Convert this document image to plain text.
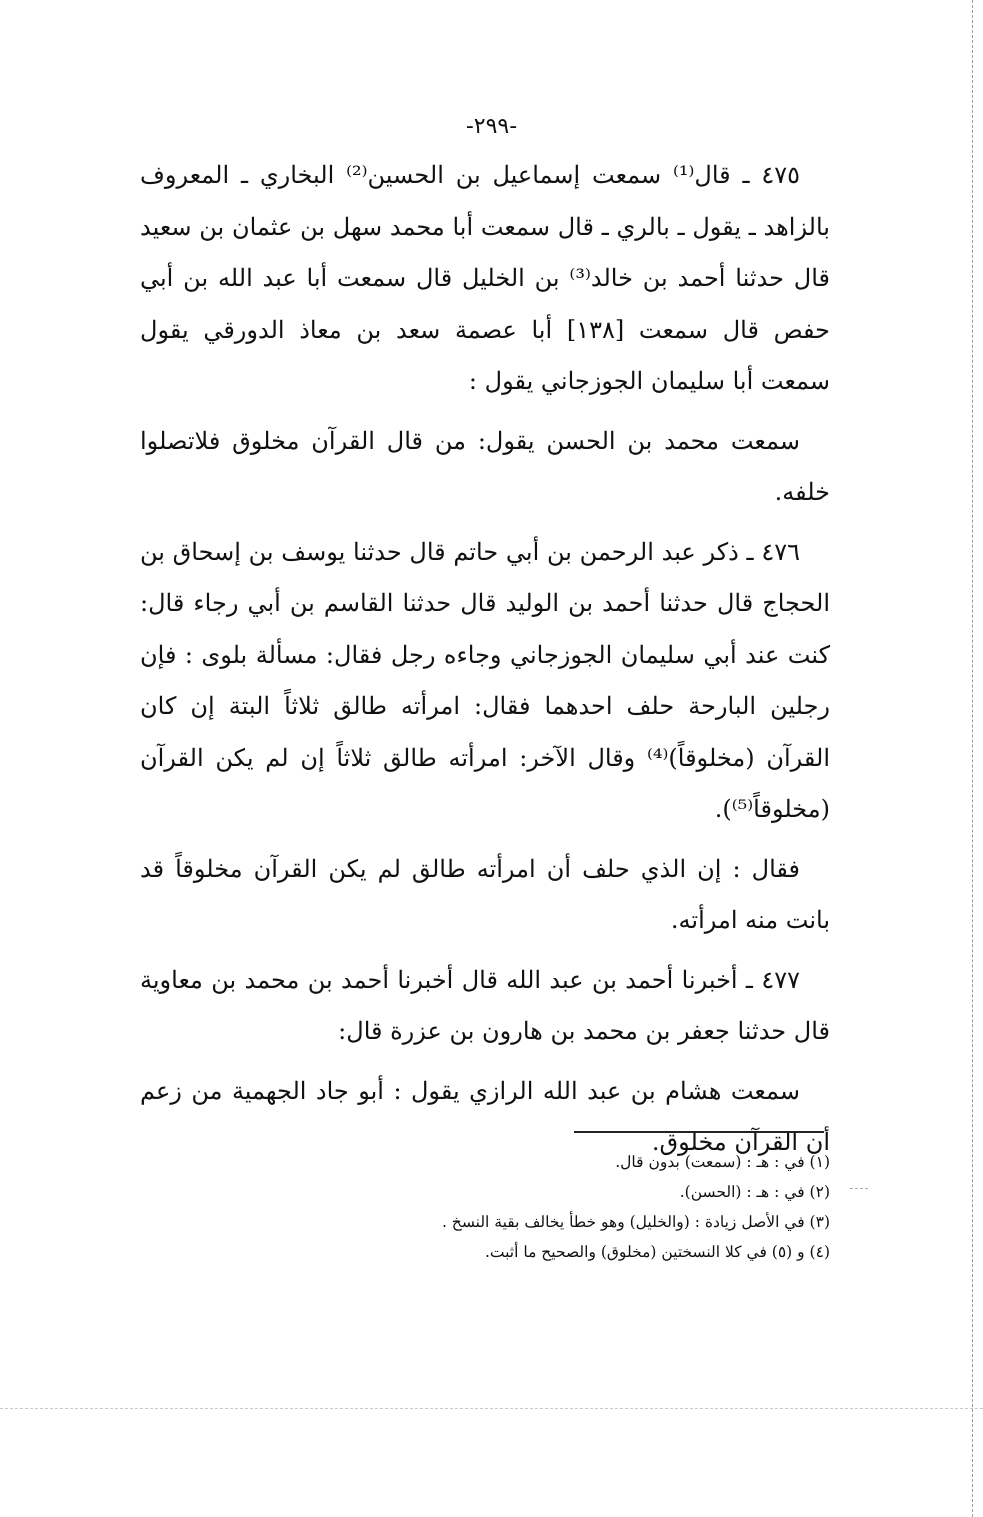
-٢٩٩-

٤٧٥ ـ قال⁽¹⁾ سمعت إسماعيل بن الحسين⁽²⁾ البخاري ـ المعروف بالزاهد ـ يقول ـ بالري ـ قال سمعت أبا محمد سهل بن عثمان بن سعيد قال حدثنا أحمد بن خالد⁽³⁾ بن الخليل قال سمعت أبا عبد الله بن أبي حفص قال سمعت [١٣٨] أبا عصمة سعد بن معاذ الدورقي يقول سمعت أبا سليمان الجوزجاني يقول :

سمعت محمد بن الحسن يقول: من قال القرآن مخلوق فلاتصلوا خلفه.

٤٧٦ ـ ذكر عبد الرحمن بن أبي حاتم قال حدثنا يوسف بن إسحاق بن الحجاج قال حدثنا أحمد بن الوليد قال حدثنا القاسم بن أبي رجاء قال: كنت عند أبي سليمان الجوزجاني وجاءه رجل فقال: مسألة بلوى : فإن رجلين البارحة حلف احدهما فقال: امرأته طالق ثلاثاً البتة إن كان القرآن (مخلوقاً)⁽⁴⁾ وقال الآخر: امرأته طالق ثلاثاً إن لم يكن القرآن (مخلوقاً⁽⁵⁾).

فقال : إن الذي حلف أن امرأته طالق لم يكن القرآن مخلوقاً قد بانت منه امرأته.

٤٧٧ ـ أخبرنا أحمد بن عبد الله قال أخبرنا أحمد بن محمد بن معاوية قال حدثنا جعفر بن محمد بن هارون بن عزرة قال:

سمعت هشام بن عبد الله الرازي يقول : أبو جاد الجهمية من زعم أن القرآن مخلوق.

(١) في : هـ : (سمعت) بدون قال.
(٢) في : هـ : (الحسن).
(٣) في الأصل زيادة : (والخليل) وهو خطأ يخالف بقية النسخ .
(٤) و (٥) في كلا النسختين (مخلوق) والصحيح ما أثبت.
